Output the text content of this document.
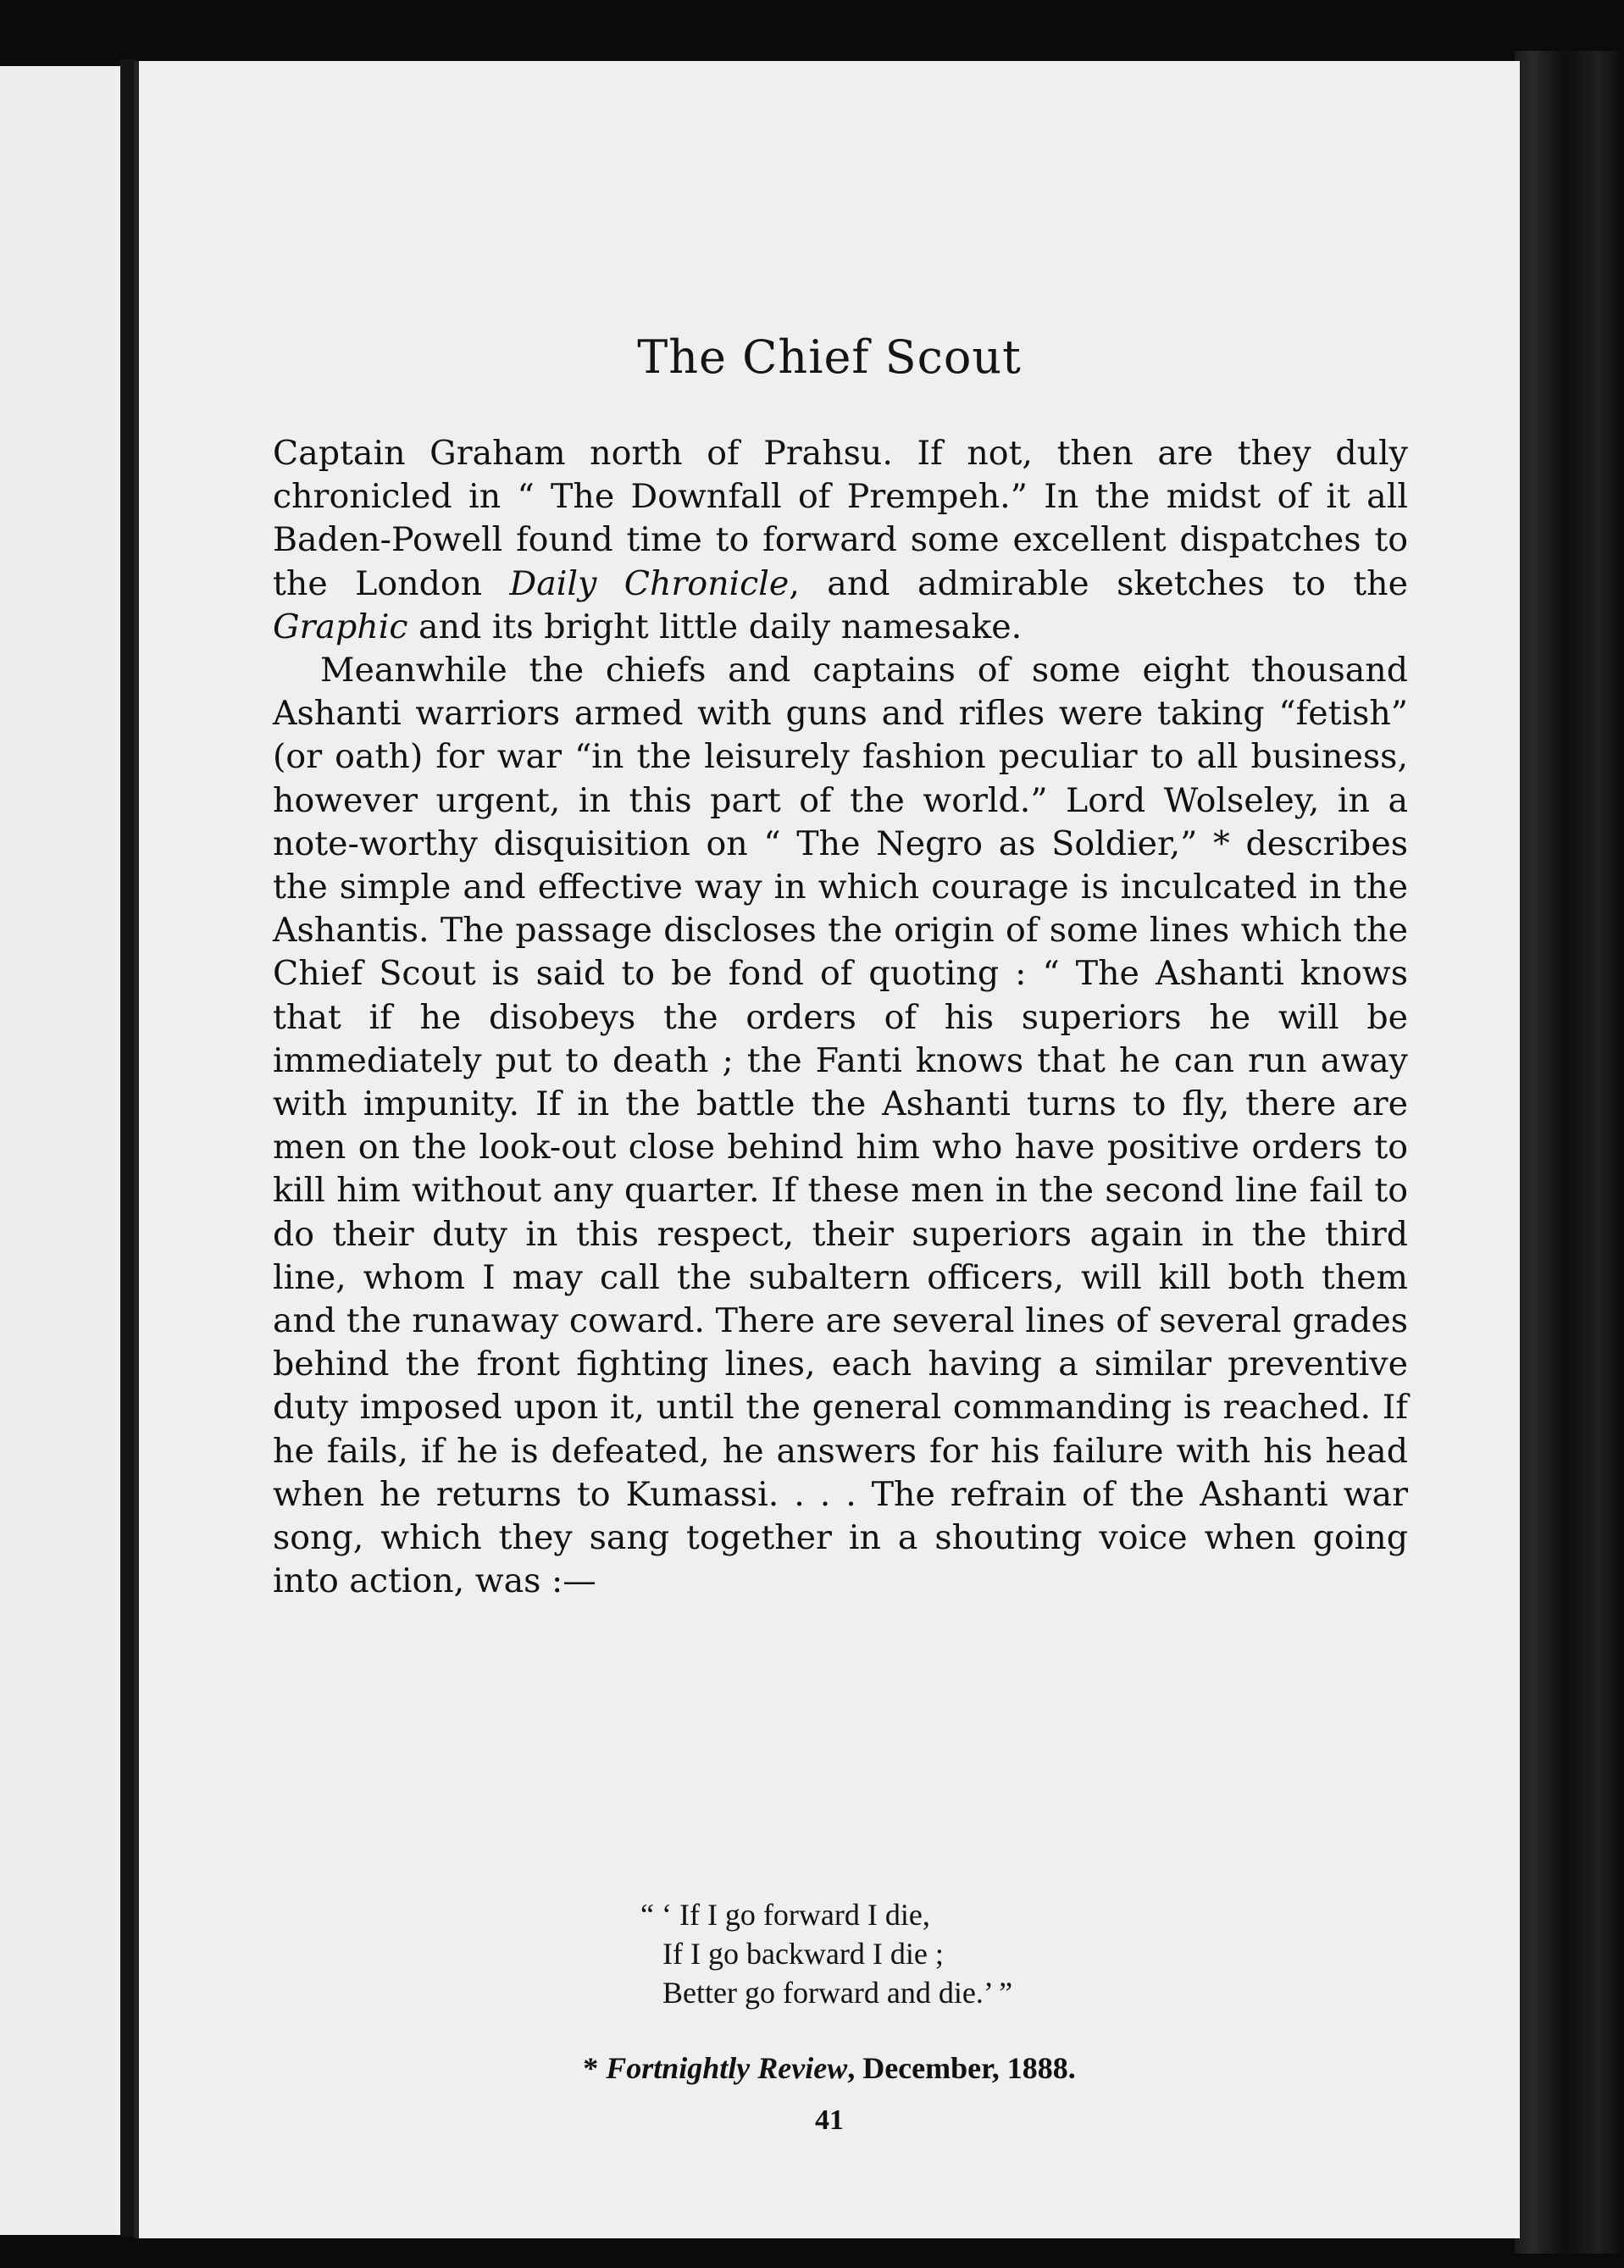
The Chief Scout

Captain Graham north of Prahsu. If not, then are they duly chronicled in “ The Downfall of Prempeh.” In the midst of it all Baden-Powell found time to forward some excellent dispatches to the London Daily Chronicle, and admirable sketches to the Graphic and its bright little daily namesake.

Meanwhile the chiefs and captains of some eight thousand Ashanti warriors armed with guns and rifles were taking “fetish” (or oath) for war “in the leisurely fashion peculiar to all business, however urgent, in this part of the world.” Lord Wolseley, in a note-worthy disquisition on “ The Negro as Soldier,” * describes the simple and effective way in which courage is inculcated in the Ashantis. The passage discloses the origin of some lines which the Chief Scout is said to be fond of quoting : “ The Ashanti knows that if he disobeys the orders of his superiors he will be immediately put to death ; the Fanti knows that he can run away with impunity. If in the battle the Ashanti turns to fly, there are men on the look-out close behind him who have positive orders to kill him without any quarter. If these men in the second line fail to do their duty in this respect, their superiors again in the third line, whom I may call the subaltern officers, will kill both them and the runaway coward. There are several lines of several grades behind the front fighting lines, each having a similar preventive duty imposed upon it, until the general commanding is reached. If he fails, if he is defeated, he answers for his failure with his head when he returns to Kumassi. . . . The refrain of the Ashanti war song, which they sang together in a shouting voice when going into action, was :—

“ ‘ If I go forward I die,
If I go backward I die ;
Better go forward and die.’ ”
* Fortnightly Review, December, 1888.
41
